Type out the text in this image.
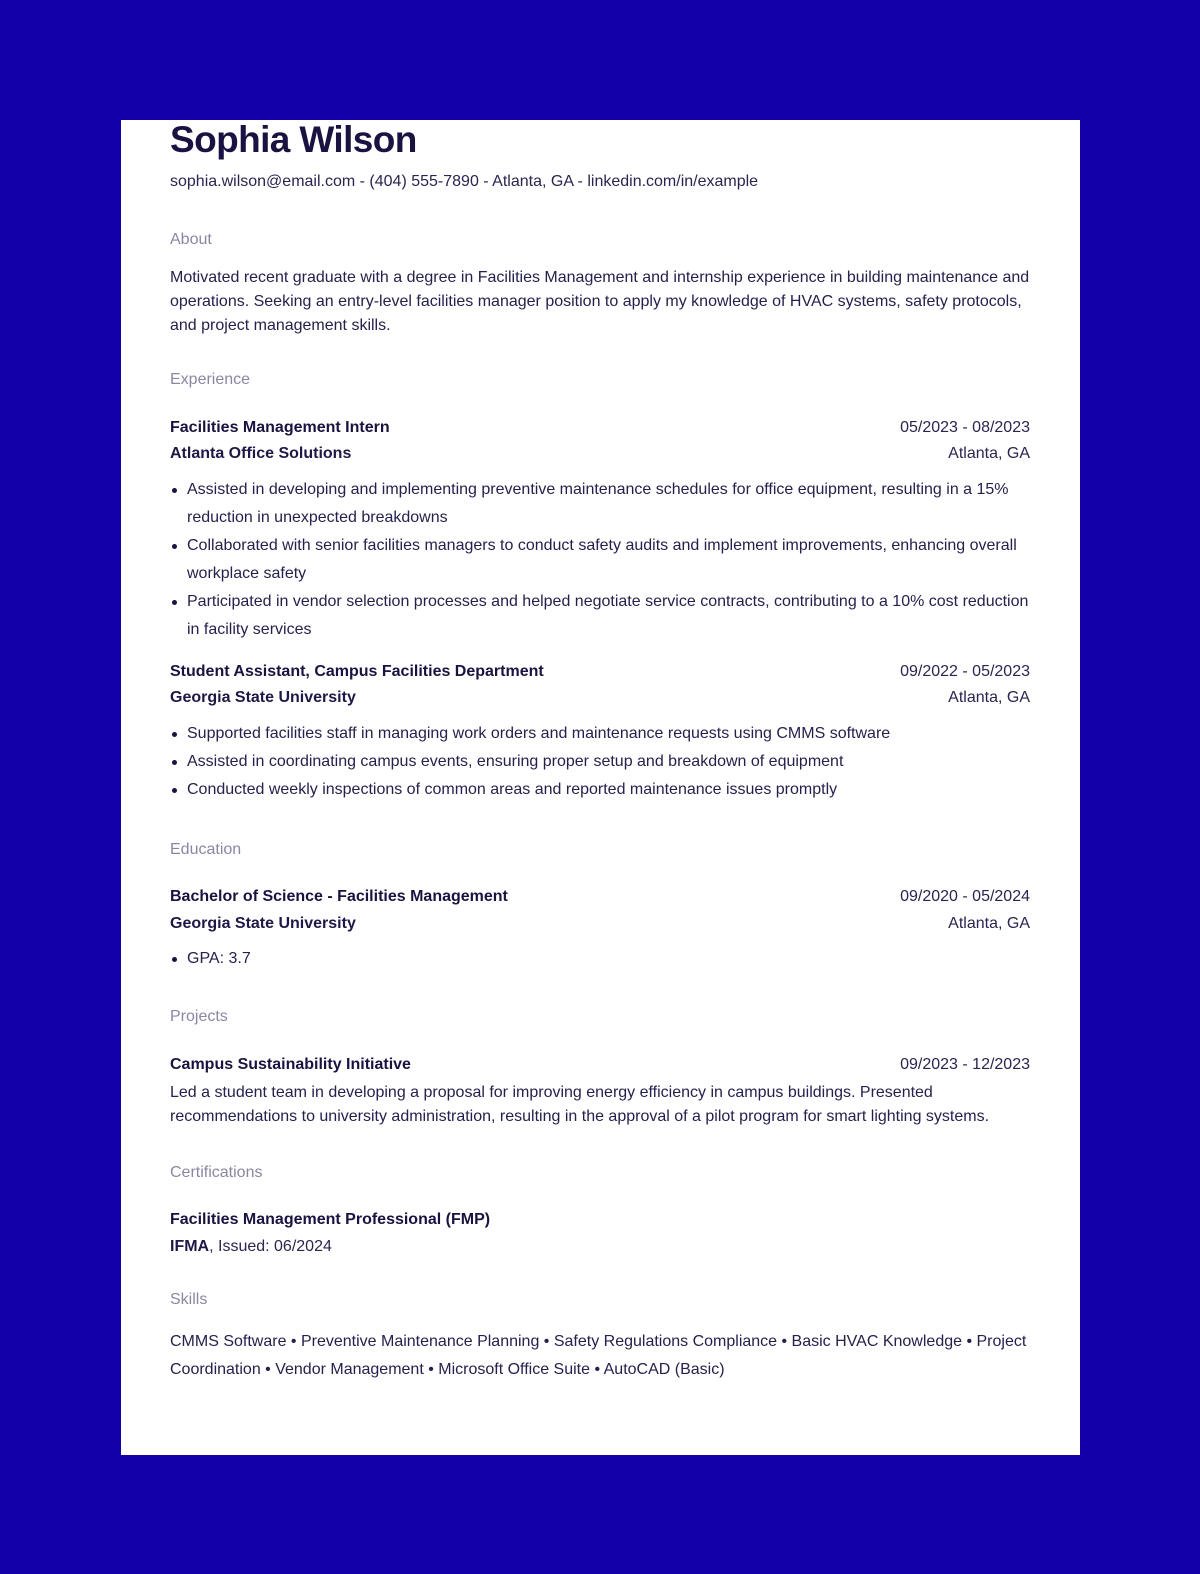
Sophia Wilson
sophia.wilson@email.com - (404) 555-7890 - Atlanta, GA - linkedin.com/in/example
About
Motivated recent graduate with a degree in Facilities Management and internship experience in building maintenance and operations. Seeking an entry-level facilities manager position to apply my knowledge of HVAC systems, safety protocols, and project management skills.
Experience
Facilities Management Intern	05/2023 - 08/2023
Atlanta Office Solutions	Atlanta, GA
Assisted in developing and implementing preventive maintenance schedules for office equipment, resulting in a 15% reduction in unexpected breakdowns
Collaborated with senior facilities managers to conduct safety audits and implement improvements, enhancing overall workplace safety
Participated in vendor selection processes and helped negotiate service contracts, contributing to a 10% cost reduction in facility services
Student Assistant, Campus Facilities Department	09/2022 - 05/2023
Georgia State University	Atlanta, GA
Supported facilities staff in managing work orders and maintenance requests using CMMS software
Assisted in coordinating campus events, ensuring proper setup and breakdown of equipment
Conducted weekly inspections of common areas and reported maintenance issues promptly
Education
Bachelor of Science - Facilities Management	09/2020 - 05/2024
Georgia State University	Atlanta, GA
GPA: 3.7
Projects
Campus Sustainability Initiative	09/2023 - 12/2023
Led a student team in developing a proposal for improving energy efficiency in campus buildings. Presented recommendations to university administration, resulting in the approval of a pilot program for smart lighting systems.
Certifications
Facilities Management Professional (FMP)
IFMA , Issued: 06/2024
Skills
CMMS Software • Preventive Maintenance Planning • Safety Regulations Compliance • Basic HVAC Knowledge • Project Coordination • Vendor Management • Microsoft Office Suite • AutoCAD (Basic)
